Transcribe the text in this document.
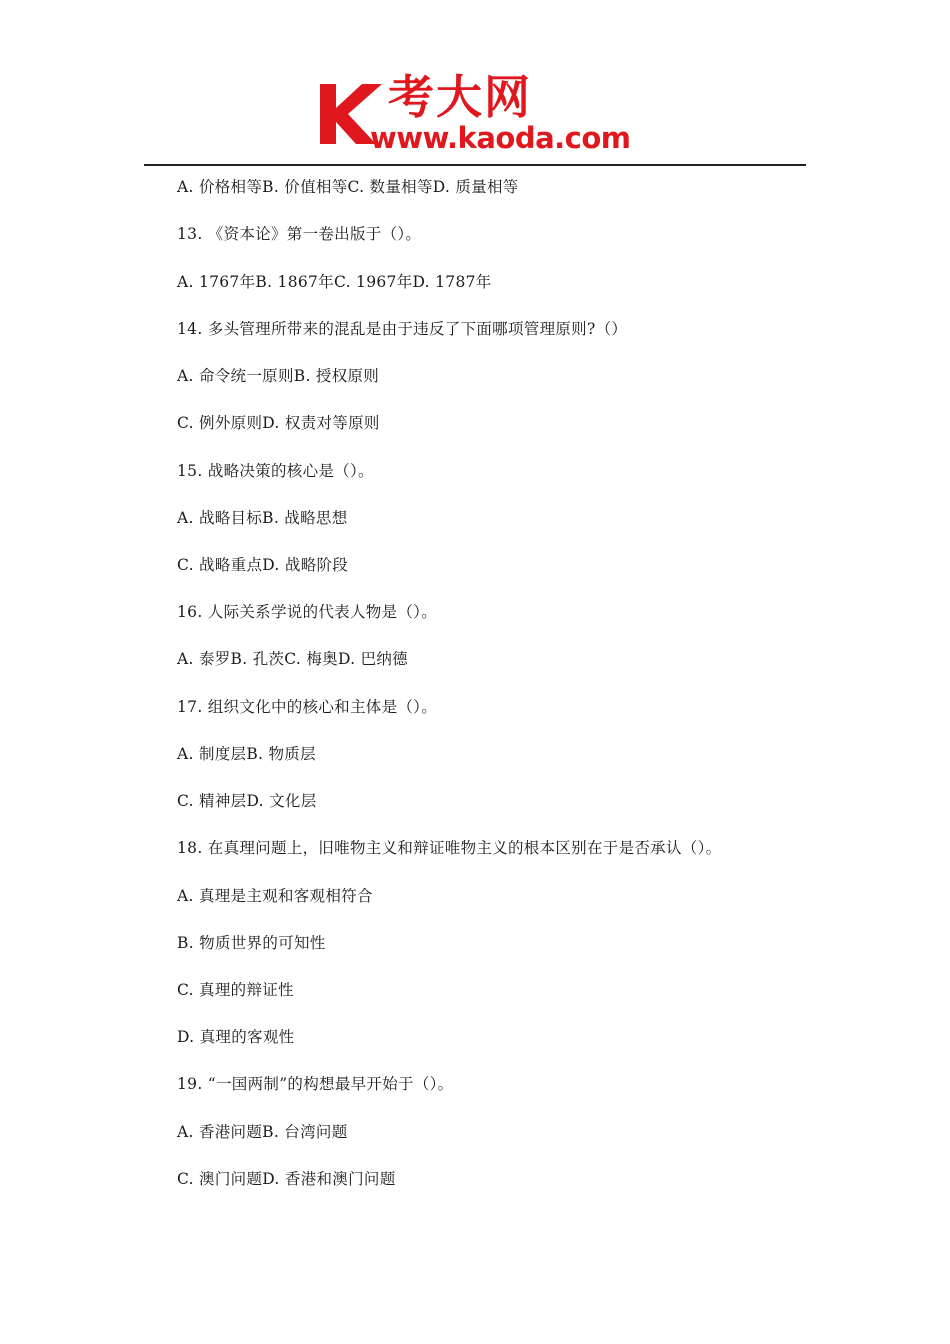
考大网
www.kaoda.com
A. 价格相等B. 价值相等C. 数量相等D. 质量相等
13. 《资本论》第一卷出版于（）。
A. 1767年B. 1867年C. 1967年D. 1787年
14. 多头管理所带来的混乱是由于违反了下面哪项管理原则?（）
A. 命令统一原则B. 授权原则
C. 例外原则D. 权责对等原则
15. 战略决策的核心是（）。
A. 战略目标B. 战略思想
C. 战略重点D. 战略阶段
16. 人际关系学说的代表人物是（）。
A. 泰罗B. 孔茨C. 梅奥D. 巴纳德
17. 组织文化中的核心和主体是（）。
A. 制度层B. 物质层
C. 精神层D. 文化层
18. 在真理问题上，旧唯物主义和辩证唯物主义的根本区别在于是否承认（）。
A. 真理是主观和客观相符合
B. 物质世界的可知性
C. 真理的辩证性
D. 真理的客观性
19. “一国两制”的构想最早开始于（）。
A. 香港问题B. 台湾问题
C. 澳门问题D. 香港和澳门问题
